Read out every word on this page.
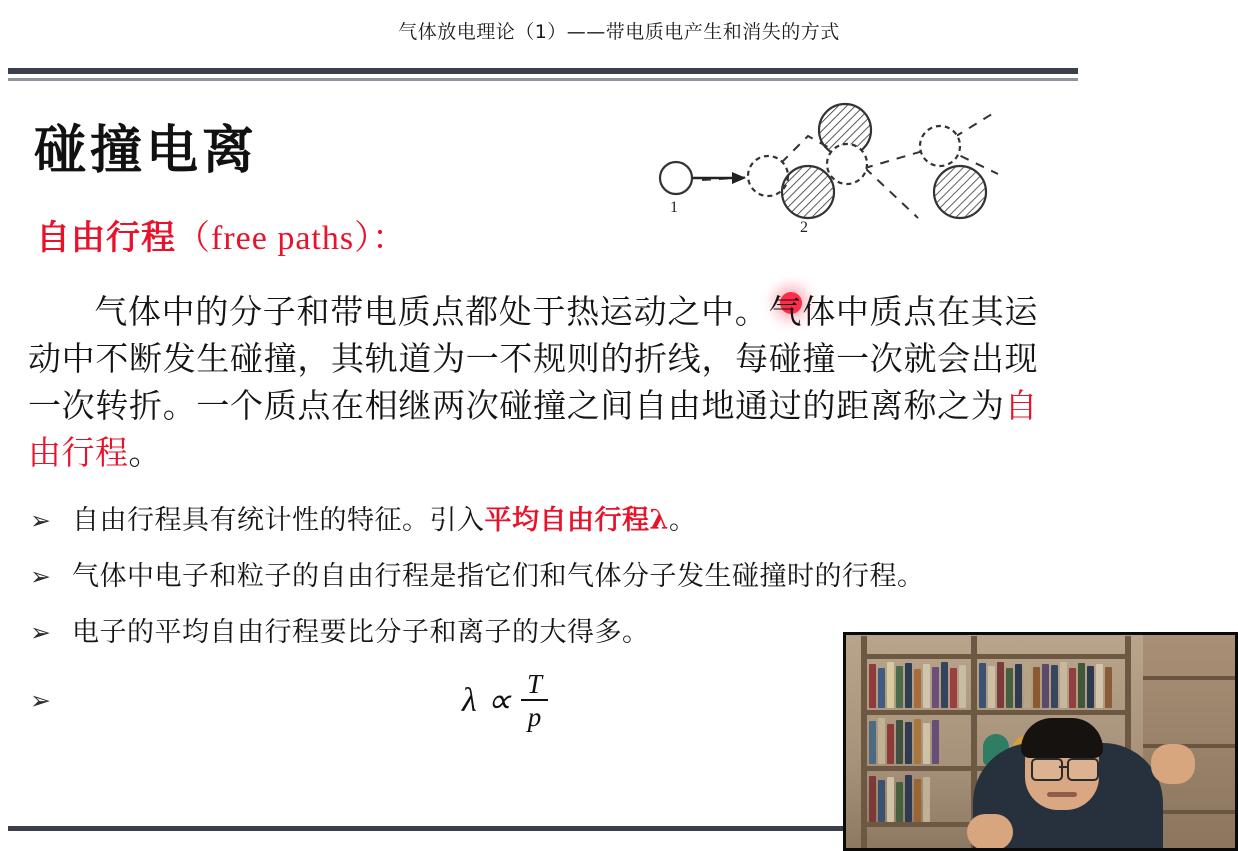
气体放电理论（1）——带电质电产生和消失的方式
碰撞电离
自由行程（free paths）：
1
2
气体中的分子和带电质点都处于热运动之中。气体中质点在其运动中不断发生碰撞，其轨道为一不规则的折线，每碰撞一次就会出现一次转折。一个质点在相继两次碰撞之间自由地通过的距离称之为自由行程。
➢ 自由行程具有统计性的特征。引入平均自由行程λ。
➢ 气体中电子和粒子的自由行程是指它们和气体分子发生碰撞时的行程。
➢ 电子的平均自由行程要比分子和离子的大得多。
➢	$\lambda \propto \frac{T}{p}$
